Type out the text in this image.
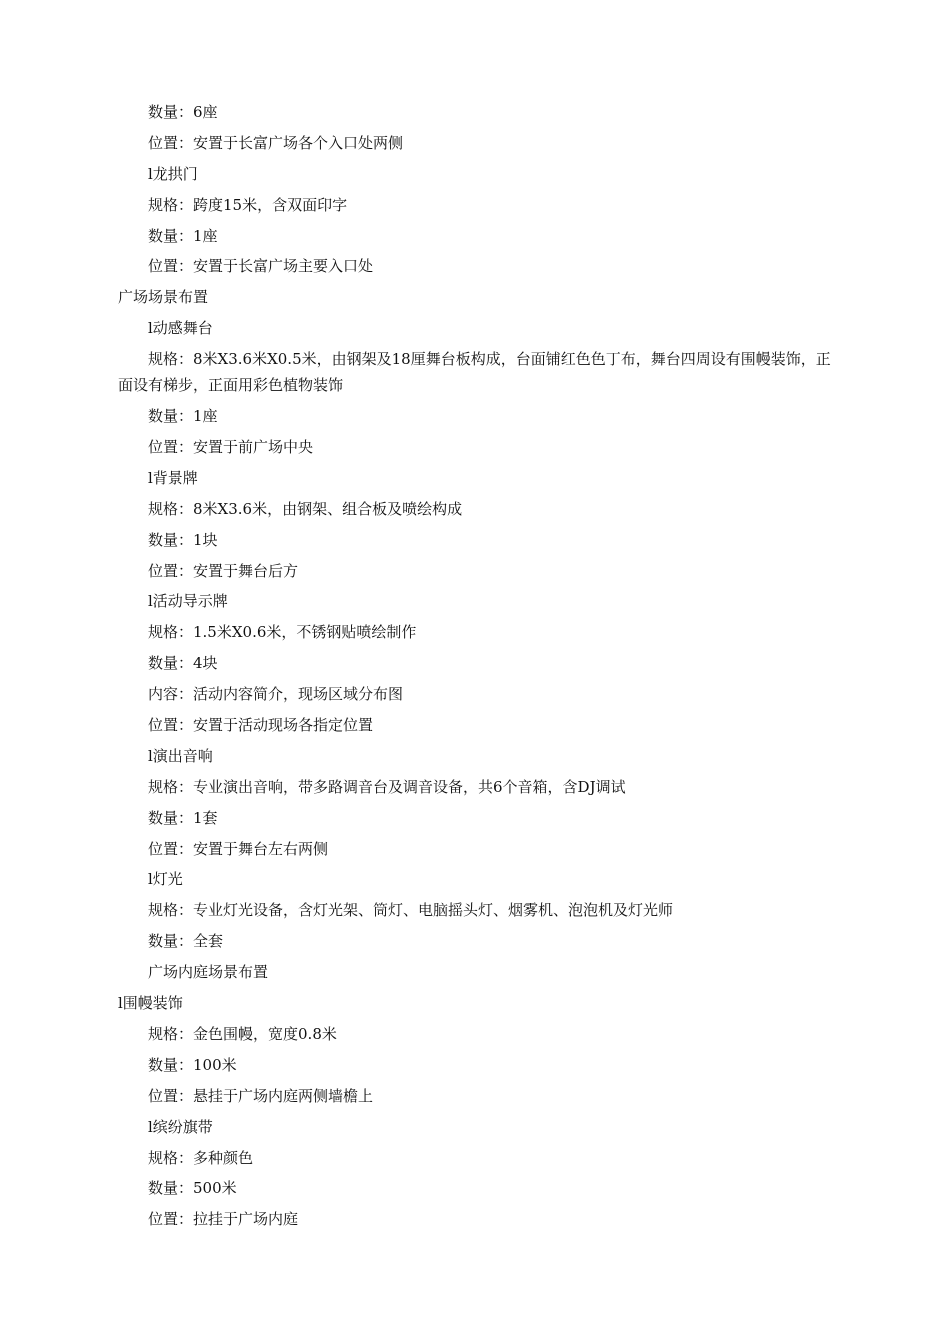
数量：6座
位置：安置于长富广场各个入口处两侧
l龙拱门
规格：跨度15米，含双面印字
数量：1座
位置：安置于长富广场主要入口处
广场场景布置
l动感舞台
规格：8米X3.6米X0.5米，由钢架及18厘舞台板构成，台面铺红色色丁布，舞台四周设有围幔装饰，正面设有梯步，正面用彩色植物装饰
数量：1座
位置：安置于前广场中央
l背景牌
规格：8米X3.6米，由钢架、组合板及喷绘构成
数量：1块
位置：安置于舞台后方
l活动导示牌
规格：1.5米X0.6米，不锈钢贴喷绘制作
数量：4块
内容：活动内容简介，现场区域分布图
位置：安置于活动现场各指定位置
l演出音响
规格：专业演出音响，带多路调音台及调音设备，共6个音箱，含DJ调试
数量：1套
位置：安置于舞台左右两侧
l灯光
规格：专业灯光设备，含灯光架、筒灯、电脑摇头灯、烟雾机、泡泡机及灯光师
数量：全套
广场内庭场景布置
l围幔装饰
规格：金色围幔，宽度0.8米
数量：100米
位置：悬挂于广场内庭两侧墙檐上
l缤纷旗带
规格：多种颜色
数量：500米
位置：拉挂于广场内庭
